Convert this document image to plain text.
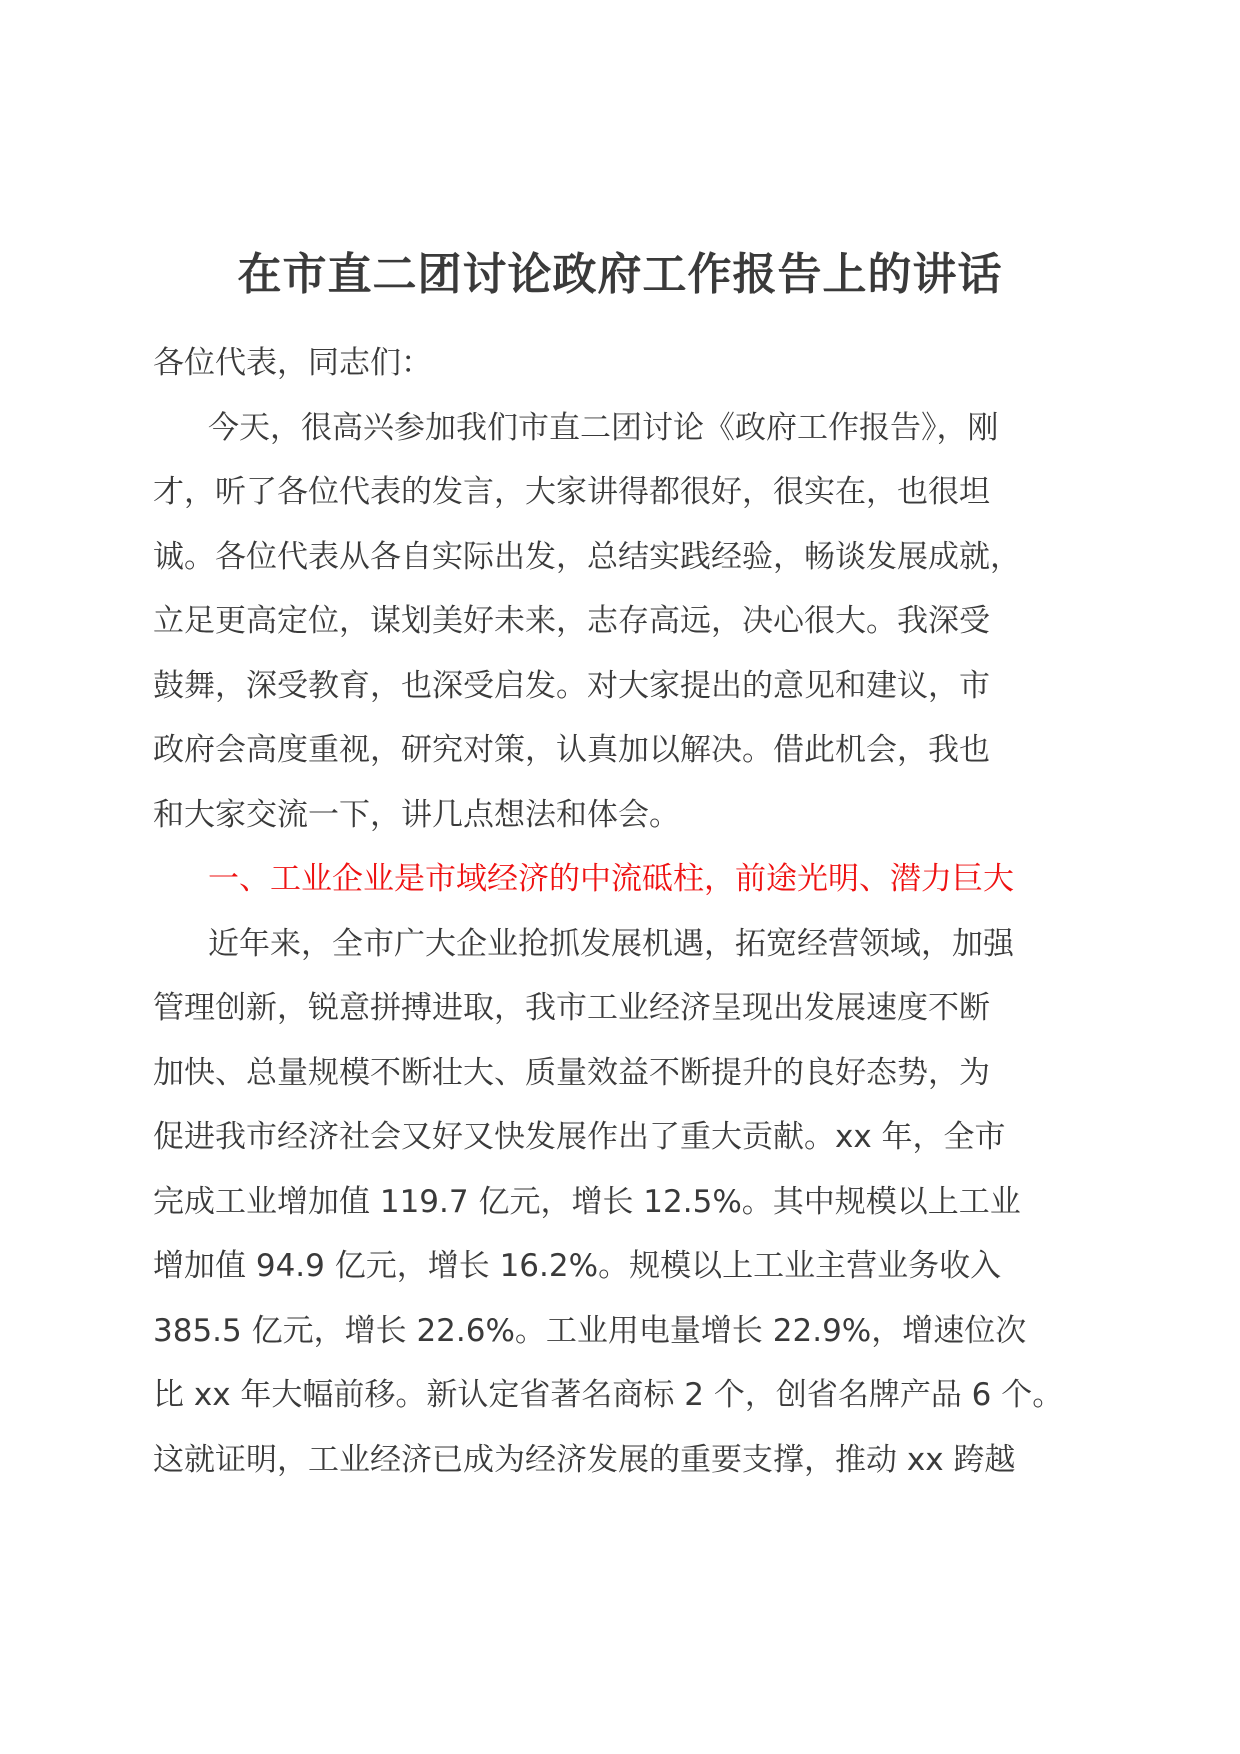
在市直二团讨论政府工作报告上的讲话
各位代表，同志们：
今天，很高兴参加我们市直二团讨论《政府工作报告》，刚
才，听了各位代表的发言，大家讲得都很好，很实在，也很坦
诚。各位代表从各自实际出发，总结实践经验，畅谈发展成就，
立足更高定位，谋划美好未来，志存高远，决心很大。我深受
鼓舞，深受教育，也深受启发。对大家提出的意见和建议，市
政府会高度重视，研究对策，认真加以解决。借此机会，我也
和大家交流一下，讲几点想法和体会。
一、工业企业是市域经济的中流砥柱，前途光明、潜力巨大
近年来，全市广大企业抢抓发展机遇，拓宽经营领域，加强
管理创新，锐意拼搏进取，我市工业经济呈现出发展速度不断
加快、总量规模不断壮大、质量效益不断提升的良好态势，为
促进我市经济社会又好又快发展作出了重大贡献。xx 年，全市
完成工业增加值 119.7 亿元，增长 12.5%。其中规模以上工业
增加值 94.9 亿元，增长 16.2%。规模以上工业主营业务收入
385.5 亿元，增长 22.6%。工业用电量增长 22.9%，增速位次
比 xx 年大幅前移。新认定省著名商标 2 个，创省名牌产品 6 个。
这就证明，工业经济已成为经济发展的重要支撑，推动 xx 跨越
